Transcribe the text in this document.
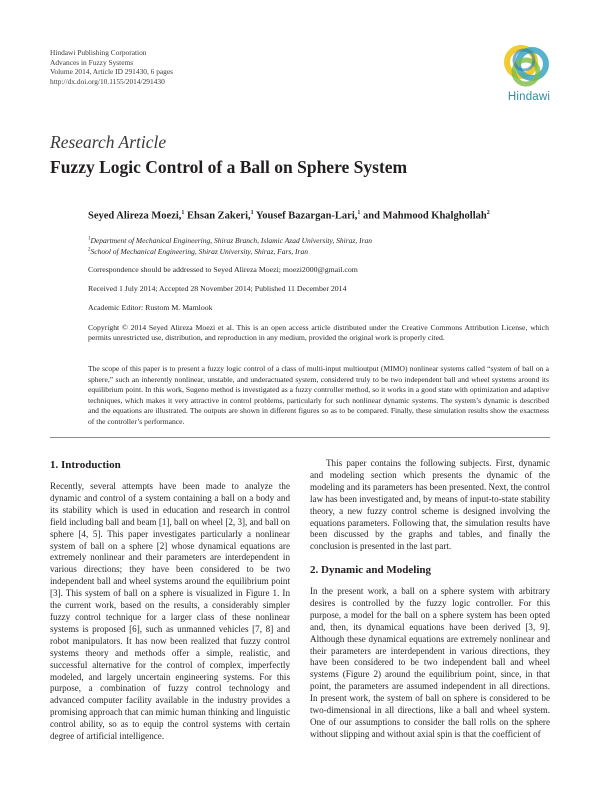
Hindawi Publishing Corporation
Advances in Fuzzy Systems
Volume 2014, Article ID 291430, 6 pages
http://dx.doi.org/10.1155/2014/291430
Hindawi
Research Article
Fuzzy Logic Control of a Ball on Sphere System
Seyed Alireza Moezi,$^1$ Ehsan Zakeri,$^1$ Yousef Bazargan-Lari,$^1$ and Mahmood Khalghollah$^2$
$^1$Department of Mechanical Engineering, Shiraz Branch, Islamic Azad University, Shiraz, Iran
$^2$School of Mechanical Engineering, Shiraz University, Shiraz, Fars, Iran
Correspondence should be addressed to Seyed Alireza Moezi; moezi2000@gmail.com
Received 1 July 2014; Accepted 28 November 2014; Published 11 December 2014
Academic Editor: Rustom M. Mamlook
Copyright © 2014 Seyed Alireza Moezi et al. This is an open access article distributed under the Creative Commons Attribution License, which permits unrestricted use, distribution, and reproduction in any medium, provided the original work is properly cited.
The scope of this paper is to present a fuzzy logic control of a class of multi-input multioutput (MIMO) nonlinear systems called “system of ball on a sphere,” such an inherently nonlinear, unstable, and underactuated system, considered truly to be two independent ball and wheel systems around its equilibrium point. In this work, Sugeno method is investigated as a fuzzy controller method, so it works in a good state with optimization and adaptive techniques, which makes it very attractive in control problems, particularly for such nonlinear dynamic systems. The system’s dynamic is described and the equations are illustrated. The outputs are shown in different figures so as to be compared. Finally, these simulation results show the exactness of the controller’s performance.
1. Introduction

Recently, several attempts have been made to analyze the dynamic and control of a system containing a ball on a body and its stability which is used in education and research in control field including ball and beam [1], ball on wheel [2, 3], and ball on sphere [4, 5]. This paper investigates particularly a nonlinear system of ball on a sphere [2] whose dynamical equations are extremely nonlinear and their parameters are interdependent in various directions; they have been considered to be two independent ball and wheel systems around the equilibrium point [3]. This system of ball on a sphere is visualized in Figure 1. In the current work, based on the results, a considerably simpler fuzzy control technique for a larger class of these nonlinear systems is proposed [6], such as unmanned vehicles [7, 8] and robot manipulators. It has now been realized that fuzzy control systems theory and methods offer a simple, realistic, and successful alternative for the control of complex, imperfectly modeled, and largely uncertain engineering systems. For this purpose, a combination of fuzzy control technology and advanced computer facility available in the industry provides a promising approach that can mimic human thinking and linguistic control ability, so as to equip the control systems with certain degree of artificial intelligence.

This paper contains the following subjects. First, dynamic and modeling section which presents the dynamic of the modeling and its parameters has been presented. Next, the control law has been investigated and, by means of input-to-state stability theory, a new fuzzy control scheme is designed involving the equations parameters. Following that, the simulation results have been discussed by the graphs and tables, and finally the conclusion is presented in the last part.

2. Dynamic and Modeling

In the present work, a ball on a sphere system with arbitrary desires is controlled by the fuzzy logic controller. For this purpose, a model for the ball on a sphere system has been opted and, then, its dynamical equations have been derived [3, 9]. Although these dynamical equations are extremely nonlinear and their parameters are interdependent in various directions, they have been considered to be two independent ball and wheel systems (Figure 2) around the equilibrium point, since, in that point, the parameters are assumed independent in all directions. In present work, the system of ball on sphere is considered to be two-dimensional in all directions, like a ball and wheel system. One of our assumptions to consider the ball rolls on the sphere without slipping and without axial spin is that the coefficient of
